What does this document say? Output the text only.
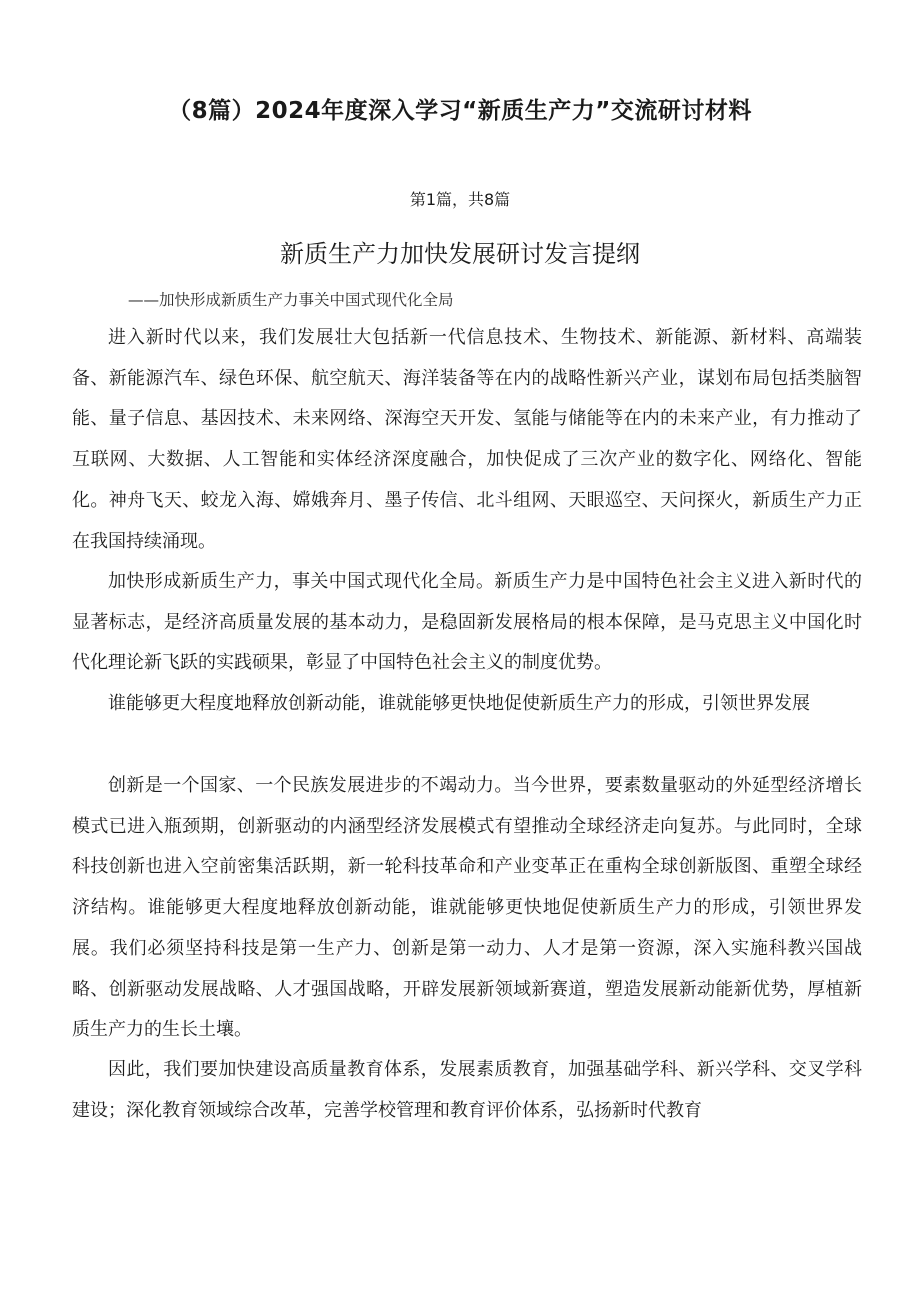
（8篇）2024年度深入学习“新质生产力”交流研讨材料
第1篇，共8篇
新质生产力加快发展研讨发言提纲
——加快形成新质生产力事关中国式现代化全局

进入新时代以来，我们发展壮大包括新一代信息技术、生物技术、新能源、新材料、高端装备、新能源汽车、绿色环保、航空航天、海洋装备等在内的战略性新兴产业，谋划布局包括类脑智能、量子信息、基因技术、未来网络、深海空天开发、氢能与储能等在内的未来产业，有力推动了互联网、大数据、人工智能和实体经济深度融合，加快促成了三次产业的数字化、网络化、智能化。神舟飞天、蛟龙入海、嫦娥奔月、墨子传信、北斗组网、天眼巡空、天问探火，新质生产力正在我国持续涌现。

加快形成新质生产力，事关中国式现代化全局。新质生产力是中国特色社会主义进入新时代的显著标志，是经济高质量发展的基本动力，是稳固新发展格局的根本保障，是马克思主义中国化时代化理论新飞跃的实践硕果，彰显了中国特色社会主义的制度优势。

谁能够更大程度地释放创新动能，谁就能够更快地促使新质生产力的形成，引领世界发展

创新是一个国家、一个民族发展进步的不竭动力。当今世界，要素数量驱动的外延型经济增长模式已进入瓶颈期，创新驱动的内涵型经济发展模式有望推动全球经济走向复苏。与此同时，全球科技创新也进入空前密集活跃期，新一轮科技革命和产业变革正在重构全球创新版图、重塑全球经济结构。谁能够更大程度地释放创新动能，谁就能够更快地促使新质生产力的形成，引领世界发展。我们必须坚持科技是第一生产力、创新是第一动力、人才是第一资源，深入实施科教兴国战略、创新驱动发展战略、人才强国战略，开辟发展新领域新赛道，塑造发展新动能新优势，厚植新质生产力的生长土壤。

因此，我们要加快建设高质量教育体系，发展素质教育，加强基础学科、新兴学科、交叉学科建设；深化教育领域综合改革，完善学校管理和教育评价体系，弘扬新时代教育
